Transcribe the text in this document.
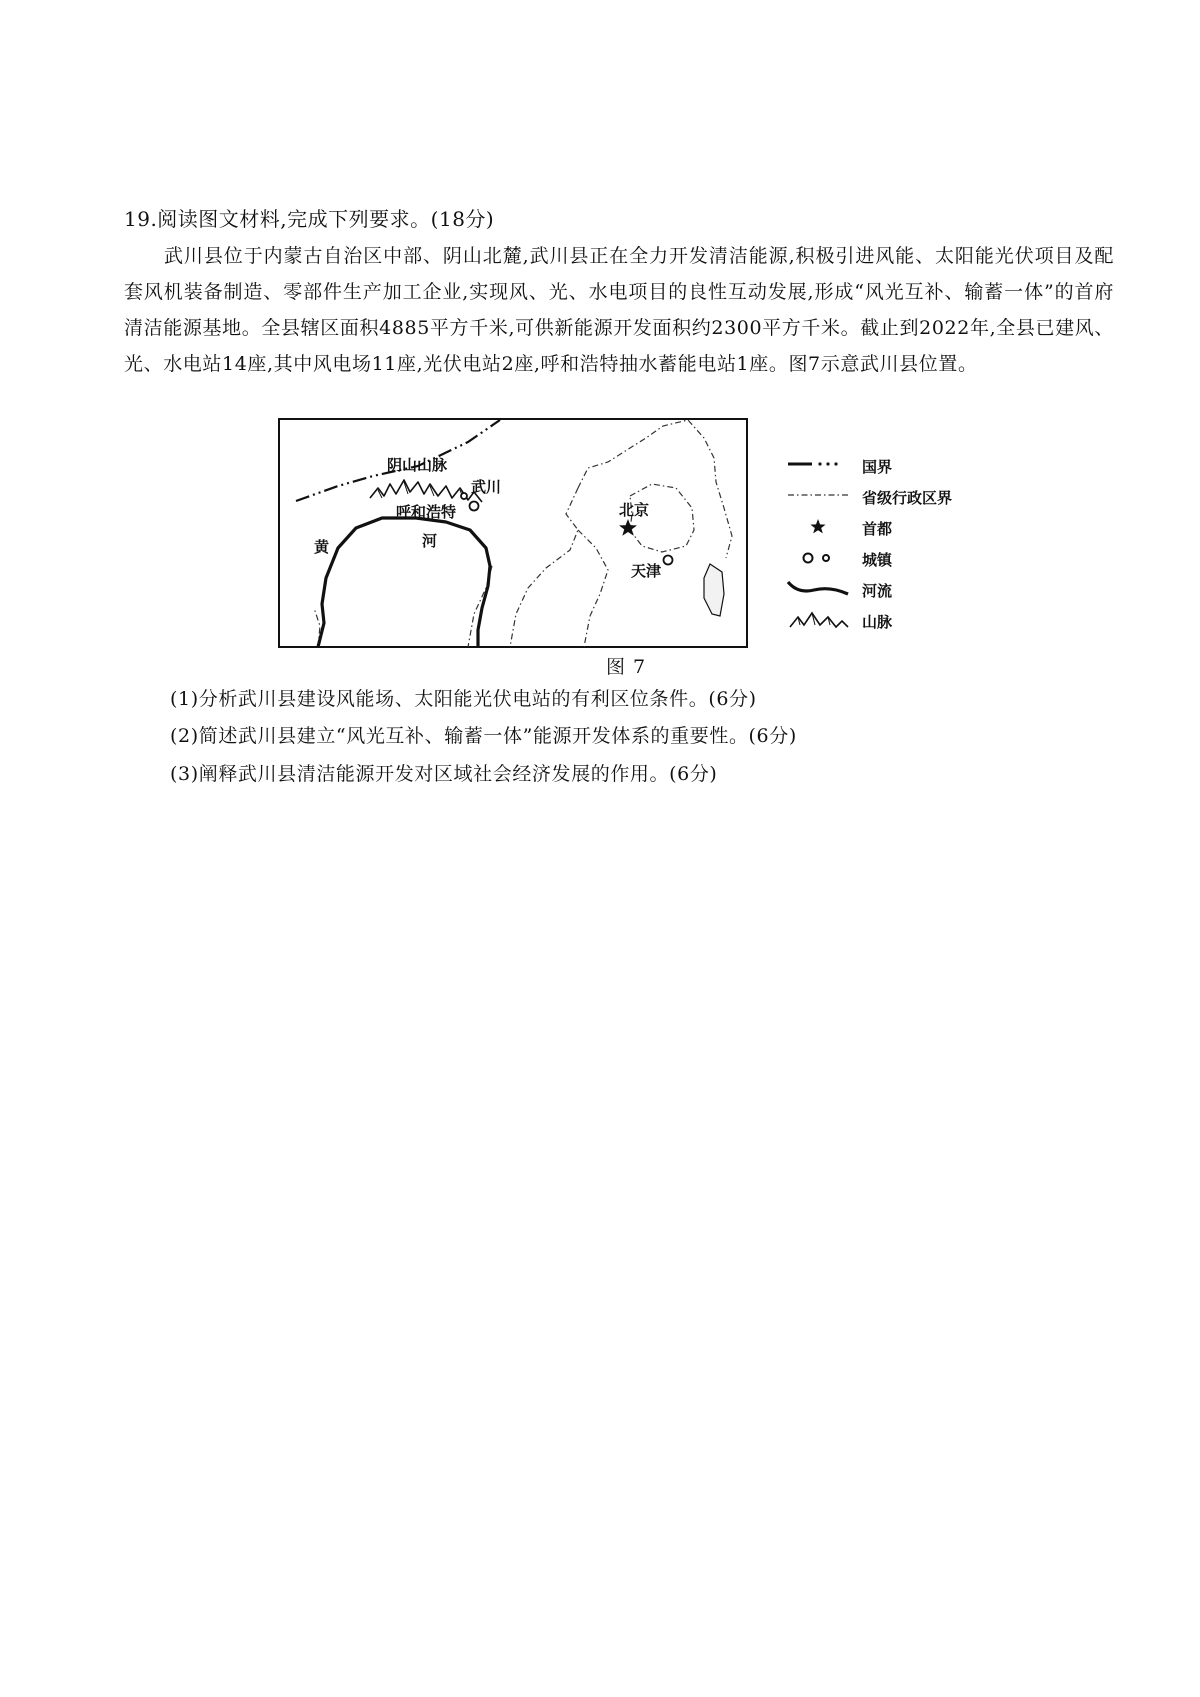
19.阅读图文材料,完成下列要求。(18分)
武川县位于内蒙古自治区中部、阴山北麓,武川县正在全力开发清洁能源,积极引进风能、太阳能光伏项目及配套风机装备制造、零部件生产加工企业,实现风、光、水电项目的良性互动发展,形成“风光互补、输蓄一体”的首府清洁能源基地。全县辖区面积4885平方千米,可供新能源开发面积约2300平方千米。截止到2022年,全县已建风、光、水电站14座,其中风电场11座,光伏电站2座,呼和浩特抽水蓄能电站1座。图7示意武川县位置。
阴山山脉
武川
呼和浩特	北京
天津
黄	河
国界
省级行政区界
首都
城镇
河流
山脉
图 7
(1)分析武川县建设风能场、太阳能光伏电站的有利区位条件。(6分)
(2)简述武川县建立“风光互补、输蓄一体”能源开发体系的重要性。(6分)
(3)阐释武川县清洁能源开发对区域社会经济发展的作用。(6分)
